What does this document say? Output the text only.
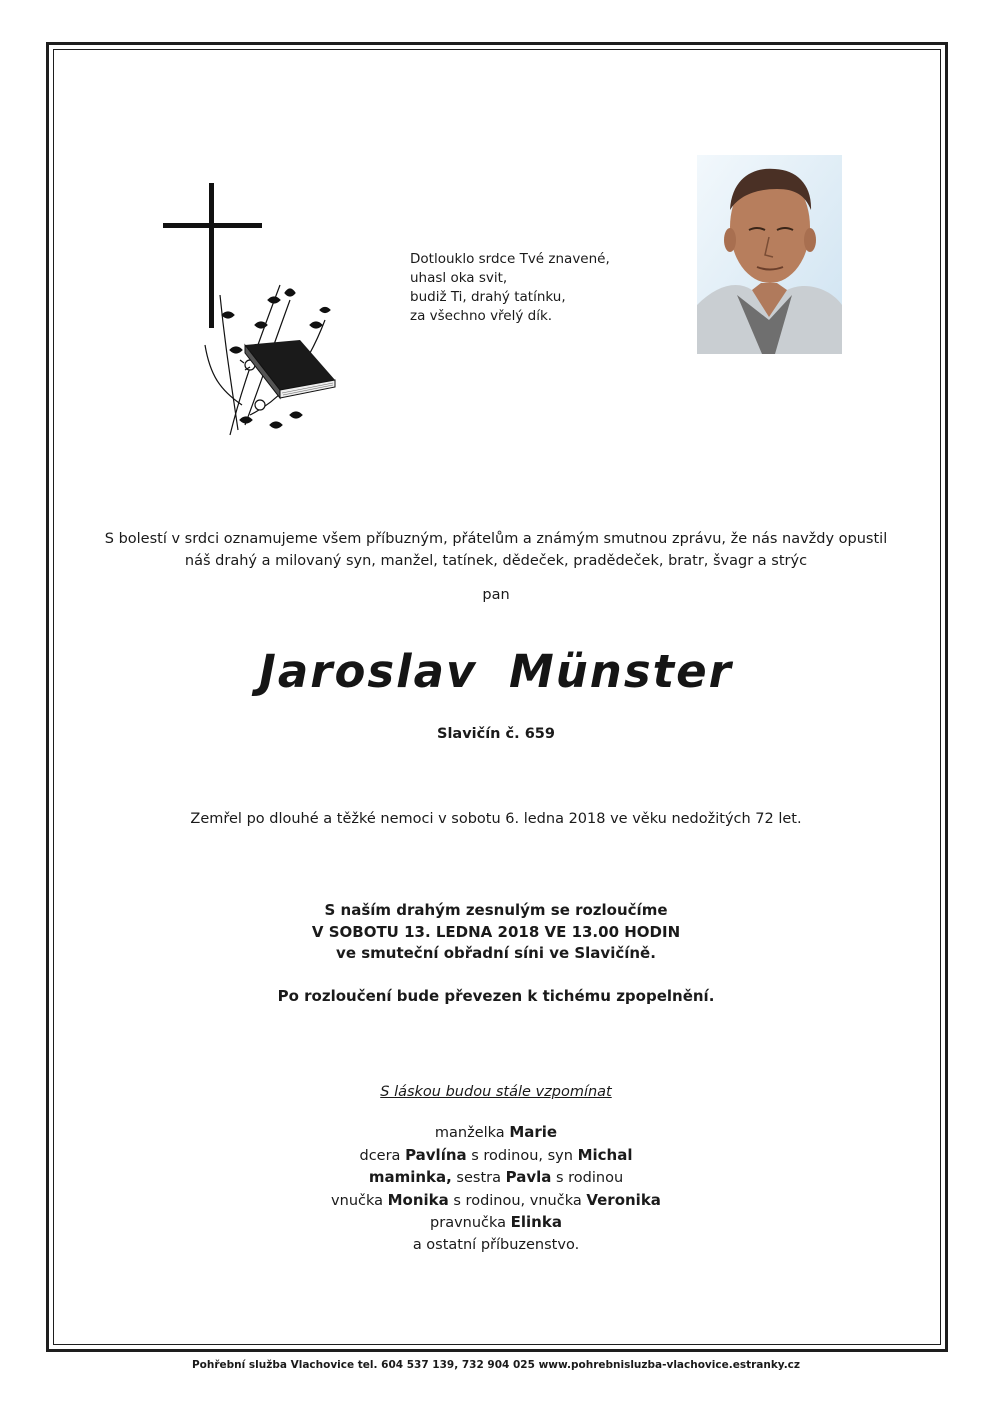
Dotlouklo srdce Tvé znavené,
uhasl oka svit,
budiž Ti, drahý tatínku,
za všechno vřelý dík.
S bolestí v srdci oznamujeme všem příbuzným, přátelům a známým smutnou zprávu, že nás navždy opustil
náš drahý a milovaný syn, manžel, tatínek, dědeček, pradědeček, bratr, švagr a strýc
pan
Jaroslav Münster
Slavičín č. 659
Zemřel po dlouhé a těžké nemoci v sobotu 6. ledna 2018 ve věku nedožitých 72 let.
S naším drahým zesnulým se rozloučíme
V SOBOTU 13. LEDNA 2018 VE 13.00 HODIN
ve smuteční obřadní síni ve Slavičíně.
Po rozloučení bude převezen k tichému zpopelnění.
S láskou budou stále vzpomínat
manželka Marie
dcera Pavlína s rodinou, syn Michal
maminka, sestra Pavla s rodinou
vnučka Monika s rodinou, vnučka Veronika
pravnučka Elinka
a ostatní příbuzenstvo.
Pohřební služba Vlachovice tel. 604 537 139, 732 904 025 www.pohrebnisluzba-vlachovice.estranky.cz
